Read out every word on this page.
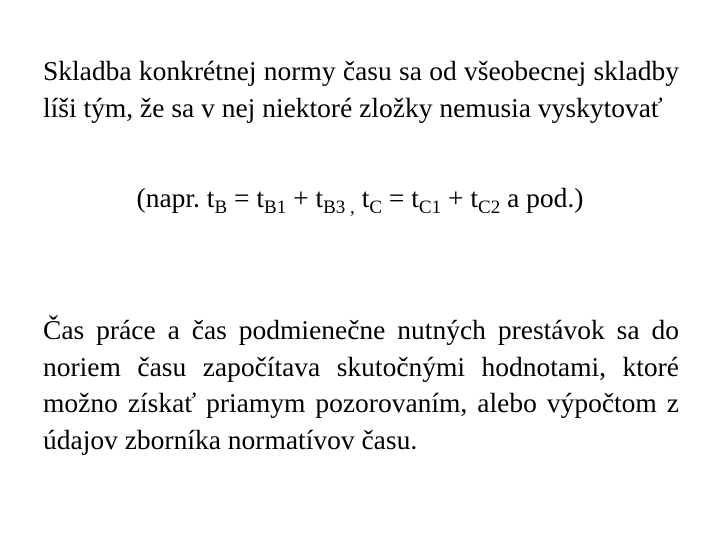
Skladba konkrétnej normy času sa od všeobecnej skladby líši tým, že sa v nej niektoré zložky nemusia vyskytovať

(napr. $t_B = t_{B1} + t_{B3 ,}$ $t_C = t_{C1} + t_{C2}$ a pod.)

Čas práce a čas podmienečne nutných prestávok sa do noriem času započítava skutočnými hodnotami, ktoré možno získať priamym pozorovaním, alebo výpočtom z údajov zborníka normatívov času.
